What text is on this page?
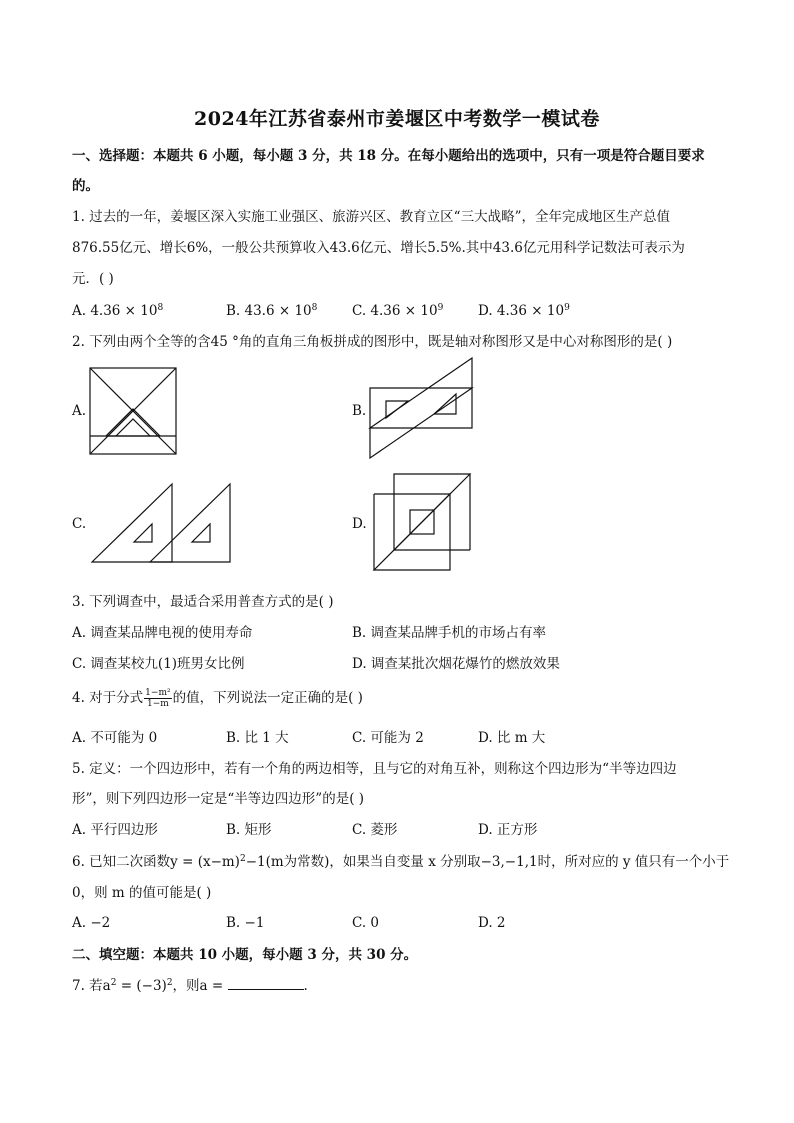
2024年江苏省泰州市姜堰区中考数学一模试卷
一、选择题：本题共 6 小题，每小题 3 分，共 18 分。在每小题给出的选项中，只有一项是符合题目要求
的。
1. 过去的一年，姜堰区深入实施工业强区、旅游兴区、教育立区“三大战略”，全年完成地区生产总值
876.55亿元、增长6%，一般公共预算收入43.6亿元、增长5.5%.其中43.6亿元用科学记数法可表示为
元．( )
A. $4.36 \times 10^8$	B. $43.6 \times 10^8$	C. $4.36 \times 10^9$	D. $4.36 \times 10^9$
2. 下列由两个全等的含45 °角的直角三角板拼成的图形中，既是轴对称图形又是中心对称图形的是( )
A.	B.
C.	D.
3. 下列调查中，最适合采用普查方式的是( )
A. 调查某品牌电视的使用寿命	B. 调查某品牌手机的市场占有率
C. 调查某校九(1)班男女比例	D. 调查某批次烟花爆竹的燃放效果
4. 对于分式 $\frac{\text{1−m²}}{1-m}$ 的值，下列说法一定正确的是( )
A. 不可能为 0	B. 比 1 大	C. 可能为 2	D. 比 m 大
5. 定义：一个四边形中，若有一个角的两边相等，且与它的对角互补，则称这个四边形为“半等边四边
形”，则下列四边形一定是“半等边四边形”的是( )
A. 平行四边形	B. 矩形	C. 菱形	D. 正方形
6. 已知二次函数$y = (x-m)^2-1(m$为常数)，如果当自变量 x 分别取−3,−1,1时，所对应的 y 值只有一个小于
0，则 m 的值可能是( )
A. −2	B. −1	C. 0	D. 2
二、填空题：本题共 10 小题，每小题 3 分，共 30 分。
7. 若$a^2 = (-3)^2$，则a =	.
